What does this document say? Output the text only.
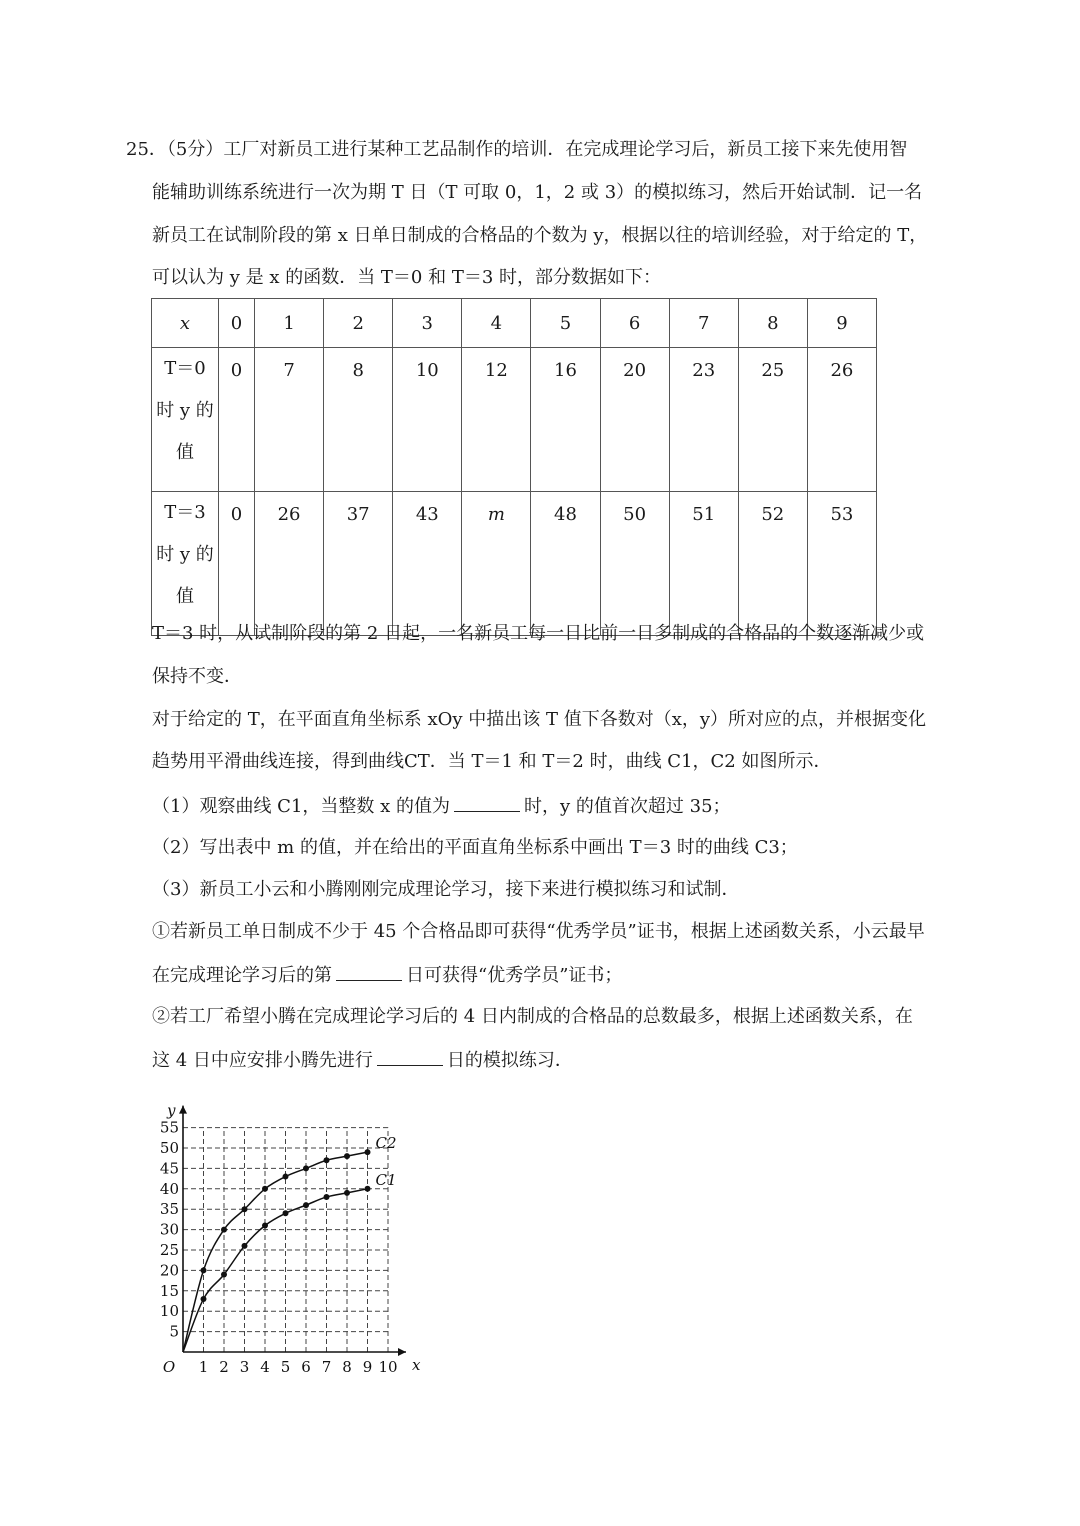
25．（5分）工厂对新员工进行某种工艺品制作的培训．在完成理论学习后，新员工接下来先使用智
能辅助训练系统进行一次为期 T 日（T 可取 0，1，2 或 3）的模拟练习，然后开始试制．记一名
新员工在试制阶段的第 x 日单日制成的合格品的个数为 y，根据以往的培训经验，对于给定的 T，
可以认为 y 是 x 的函数．当 T＝0 和 T＝3 时，部分数据如下：
x	0	1	2	3	4	5	6	7	8	9

T＝0
时 y 的
值	0	7	8	10	12	16	20	23	25	26

T＝3
时 y 的
值	0	26	37	43	m	48	50	51	52	53
T＝3 时，从试制阶段的第 2 日起，一名新员工每一日比前一日多制成的合格品的个数逐渐减少或
保持不变．
对于给定的 T，在平面直角坐标系 xOy 中描出该 T 值下各数对（x，y）所对应的点，并根据变化
趋势用平滑曲线连接，得到曲线CT．当 T＝1 和 T＝2 时，曲线 C1，C2 如图所示．
（1）观察曲线 C1，当整数 x 的值为	时，y 的值首次超过 35；
（2）写出表中 m 的值，并在给出的平面直角坐标系中画出 T＝3 时的曲线 C3；
（3）新员工小云和小腾刚刚完成理论学习，接下来进行模拟练习和试制．
①若新员工单日制成不少于 45 个合格品即可获得“优秀学员”证书，根据上述函数关系，小云最早
在完成理论学习后的第	日可获得“优秀学员”证书；
②若工厂希望小腾在完成理论学习后的 4 日内制成的合格品的总数最多，根据上述函数关系，在
这 4 日中应安排小腾先进行	日的模拟练习．
1 2 3 4 5 6 7 8 9 10
5
10
15
20
25
30
35
40
45
50
55
O	x
y
C2
C1
